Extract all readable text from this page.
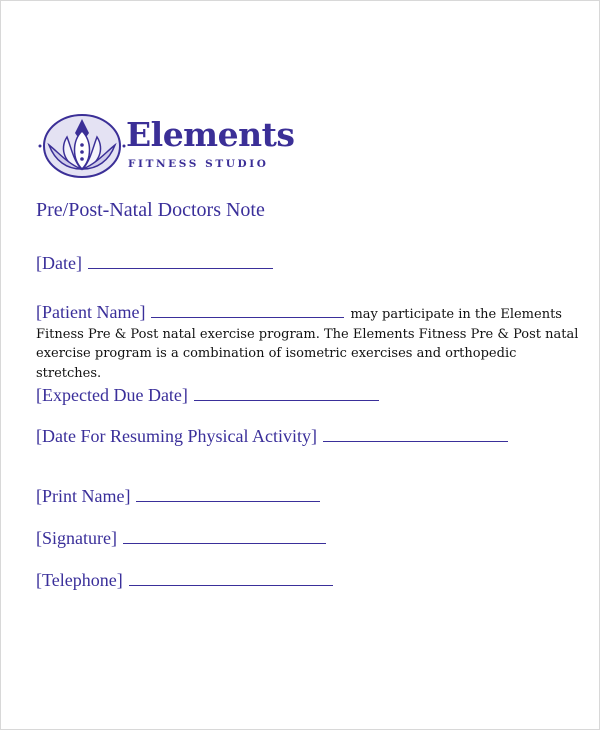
Elements
FITNESS STUDIO
Pre/Post-Natal Doctors Note
[Date]
[Patient Name]	may participate in the Elements Fitness Pre & Post natal exercise program. The Elements Fitness Pre & Post natal exercise program is a combination of isometric exercises and orthopedic stretches.
[Expected Due Date]
[Date For Resuming Physical Activity]
[Print Name]
[Signature]
[Telephone]
